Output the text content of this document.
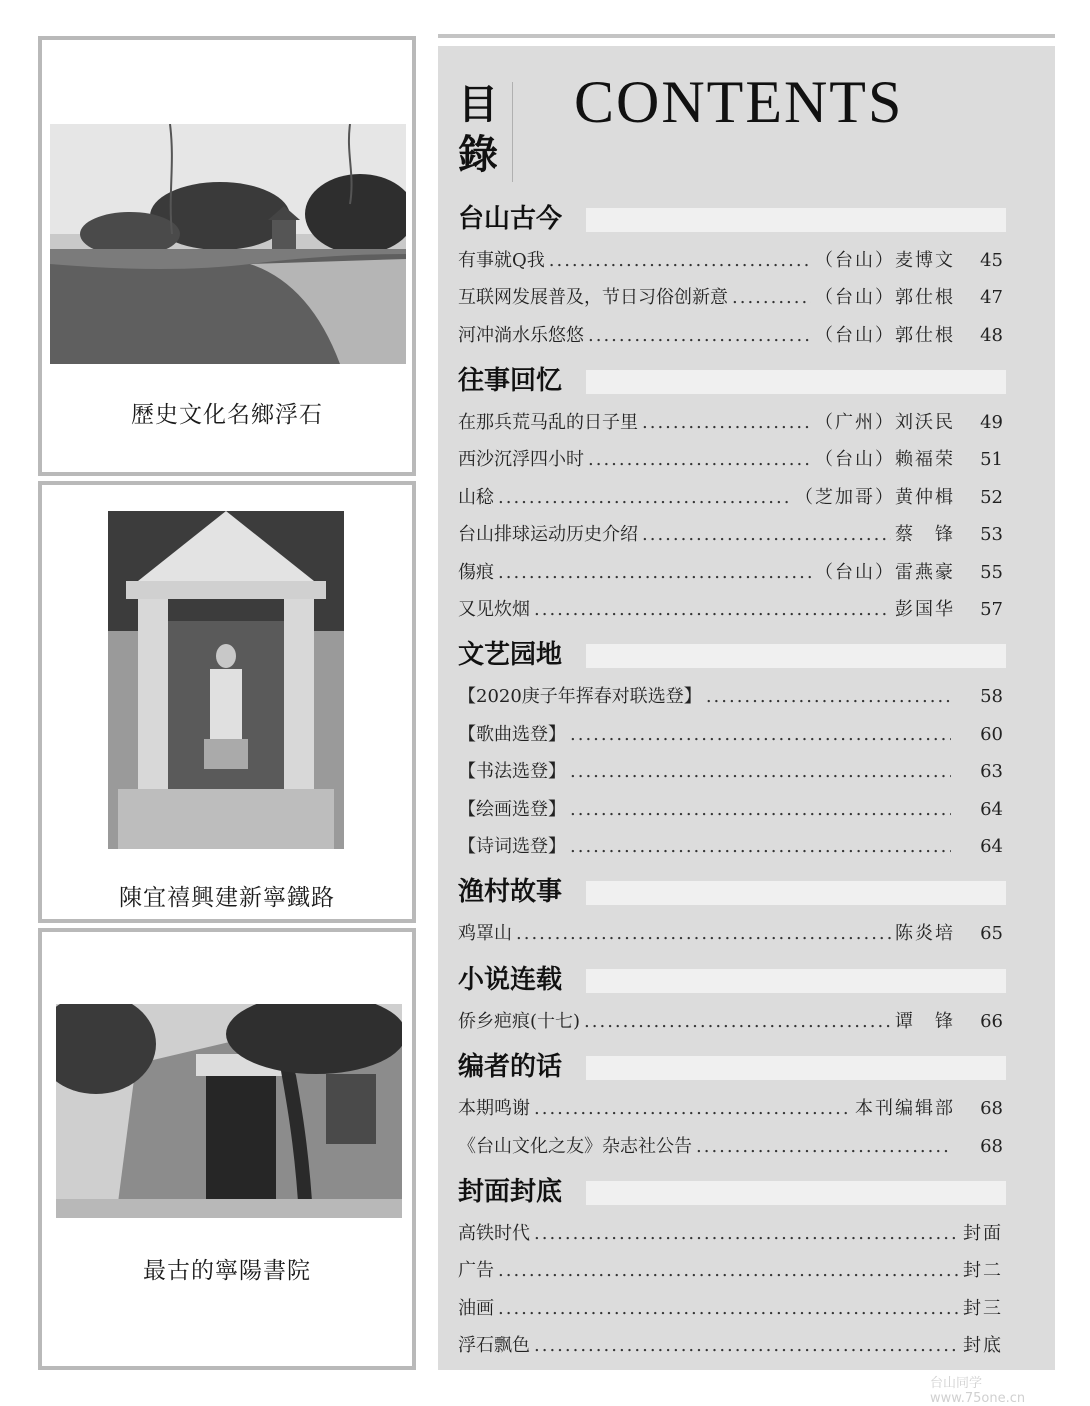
歷史文化名鄉浮石
陳宜禧興建新寧鐵路
最古的寧陽書院
目錄
CONTENTS
台山古今
有事就Q我 .....	（台山）麦博文	45
互联网发展普及，节日习俗创新意 .....	（台山）郭仕根	47
河冲淌水乐悠悠 .....	（台山）郭仕根	48
往事回忆
在那兵荒马乱的日子里 .....	（广州）刘沃民	49
西沙沉浮四小时 .....	（台山）赖福荣	51
山稔 .....	（芝加哥）黄仲楫	52
台山排球运动历史介绍 .....	蔡　锋	53
傷痕 .....	（台山）雷燕豪	55
又见炊烟 .....	彭国华	57
文艺园地
【2020庚子年挥春对联选登】 .....	58
【歌曲选登】 .....	60
【书法选登】 .....	63
【绘画选登】 .....	64
【诗词选登】 .....	64
渔村故事
鸡罩山 .....	陈炎培	65
小说连载
侨乡疤痕(十七) .....	谭　锋	66
编者的话
本期鸣谢 .....	本刊编辑部	68
《台山文化之友》杂志社公告 .....	68
封面封底
高铁时代 .....	封面
广告 .....	封二
油画 .....	封三
浮石飘色 .....	封底
台山同学 www.75one.cn
